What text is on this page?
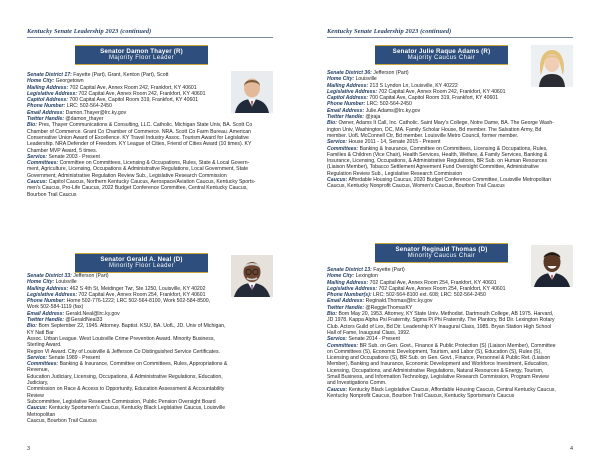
Kentucky Senate Leadership 2023 (continued)
Senator Damon Thayer (R)
Majority Floor Leader
Senate District 17: Fayette (Part), Grant, Kenton (Part), Scott
Home City: Georgetown
Mailing Address: 702 Capital Ave, Annex Room 242, Frankfort, KY 40601
Legislative Address: 702 Capital Ave, Annex Room 242, Frankfort, KY 40601
Capitol Address: 700 Capital Ave, Capitol Room 319, Frankfort, KY 40601
Phone Number: LRC: 502-564-2450
Email Address: Damon.Thayer@lrc.ky.gov
Twitter Handle: @damon_thayer
Bio: Pres, Thayer Communications & Consulting, LLC. Catholic. Michigan State Univ, BA. Scott Co
Chamber of Commerce. Grant Co Chamber of Commerce. NRA. Scott Co Farm Bureau. American
Conservative Union Award of Excellence. KY Travel Industry Assoc. Tourism Award for Legislative
Leadership. NRA Defender of Freedom. KY League of Cities, Friend of Cities Award (10 times). KY
Chamber MVP Award, 5 times.
Service: Senate 2003 - Present
Committees: Committee on Committees, Licensing & Occupations, Rules, State & Local Govern-
ment, Agriculture, Licensing, Occupations & Administrative Regulations, Local Government, State
Government, Administrative Regulation Review Sub., Legislative Research Commission
Caucus: Capitol Caucus, Northern Kentucky Caucus, Aerospace/Aviation Caucus, Kentucky Sports-
men's Caucus, Pro-Life Caucus, 2022 Budget Conference Committee, Central Kentucky Caucus,
Bourbon Trail Caucus
Senator Gerald A. Neal (D)
Minority Floor Leader
Senate District 33: Jefferson (Part)
Home City: Louisville
Mailing Address: 462 S 4th St, Meidinger Twr, Ste 1250, Louisville, KY 40202
Legislative Address: 702 Capital Ave, Annex Room 254, Frankfort, KY 40601
Phone Number: Home 502-776-1222; LRC 502-564-8100, Work 502-584-8500,
Work 502-584-1119 (fax)
Email Address: Gerald.Neal@lrc.ky.gov
Twitter Handle: @GeraldNeal33
Bio: Born September 22, 1945. Attorney. Baptist. KSU, BA. UofL, JD. Univ of Michigan, KY Natl Bar
Assoc. Urban League. West Louisville Crime Prevention Award. Minority Business, Sterling Award.
Region VI Award. City of Louisville & Jefferson Co Distinguished Service Certificates.
Service: Senate 1989 - Present
Committees: Banking & Insurance, Committee on Committees, Rules, Appropriations & Revenue,
Education Judiciary, Licensing, Occupations, & Administrative Regulations, Education, Judiciary,
Commission on Race & Access to Opportunity, Education Assessment & Accountability Review
Subcommittee, Legislative Research Commission, Public Pension Oversight Board
Caucus: Kentucky Sportsmen's Caucus, Kentucky Black Legislative Caucus, Louisville Metropolitan
Caucus, Bourbon Trail Caucus
3
Kentucky Senate Leadership 2023 (continued)
Senator Julie Raque Adams (R)
Majority Caucus Chair
Senate District 36: Jefferson (Part)
Home City: Louisville
Mailing Address: 213 S Lyndon Ln, Louisville, KY 40222
Legislative Address: 702 Capital Ave, Annex Room 242, Frankfort, KY 40601
Capitol Address: 700 Capital Ave, Capitol Room 319, Frankfort, KY 40601
Phone Number: LRC: 502-564-2450
Email Address: Julie.Adams@lrc.ky.gov
Twitter Handle: @jraja
Bio: Owner, Adams It Call, Inc. Catholic. Saint Mary's College, Notre Dame, BA. The George Wash-
ington Univ, Washington, DC, MA. Family Scholar House, Bd member. The Salvation Army, Bd
member. UofL McConnell Ctr, Bd member. Louisville Metro Council, former member.
Service: House 2011 - 14, Senate 2015 - Present
Committees: Banking & Insurance, Committee on Committees, Licensing & Occupations, Rules,
Families & Children (Vice Chair), Health Services, Health, Welfare, & Family Services, Banking &
Insurance, Licensing, Occupations, & Administrative Regulations, BR Sub. on Human Resources
(Liaison Member), Tobacco Settlement Agreement Fund Oversight Committee, Administrative
Regulation Review Sub., Legislative Research Commission
Caucus: Affordable Housing Caucus, 2020 Budget Conference Committee, Louisville Metropolitan
Caucus, Kentucky Nonprofit Caucus, Women's Caucus, Bourbon Trail Caucus
Senator Reginald Thomas (D)
Minority Caucus Chair
Senate District 13: Fayette (Part)
Home City: Lexington
Mailing Address: 702 Capital Ave, Annex Room 254, Frankfort, KY 40601
Legislative Address: 702 Capital Ave, Annex Room 254, Frankfort, KY 40601
Phone Number(s): LRC: 502-564-8100 ext. 608; LRC: 502-564-2450
Email Address: Reginald.Thomas@lrc.ky.gov
Twitter Handle: @ReggieThomasKY
Bio: Born May 20, 1953. Attorney, KY State Univ. Methodist. Dartmouth College, AB 1975. Harvard,
JD 1978. Kappa Alpha Psi Fraternity. Sigma Pi Phi Fraternity. The Plantory, Bd Dir. Lexington Rotary
Club. Actors Guild of Lex, Bd Dir. Leadership KY Inaugural Class, 1985. Bryan Station High School
Hall of Fame, Inaugural Class, 1992.
Service: Senate 2014 - Present
Committees: BR Sub. on Gen. Govt., Finance & Public Protection (S) (Liaison Member), Committee
on Committees (S), Economic Development, Tourism, and Labor (S), Education (S), Rules (S),
Licensing and Occupations (S), BR Sub. on Gen. Govt., Finance, Personnel & Public Ret. (Liaison
Member), Banking and Insurance, Economic Development and Workforce Investment, Education,
Licensing, Occupations, and Administrative Regulations, Natural Resources & Energy, Tourism,
Small Business, and Information Technology, Legislative Research Commission, Program Review
and Investigations Comm.
Caucus: Kentucky Black Legislative Caucus, Affordable Housing Caucus, Central Kentucky Caucus,
Kentucky Nonprofit Caucus, Bourbon Trail Caucus, Kentucky Sportsman's Caucus
4
